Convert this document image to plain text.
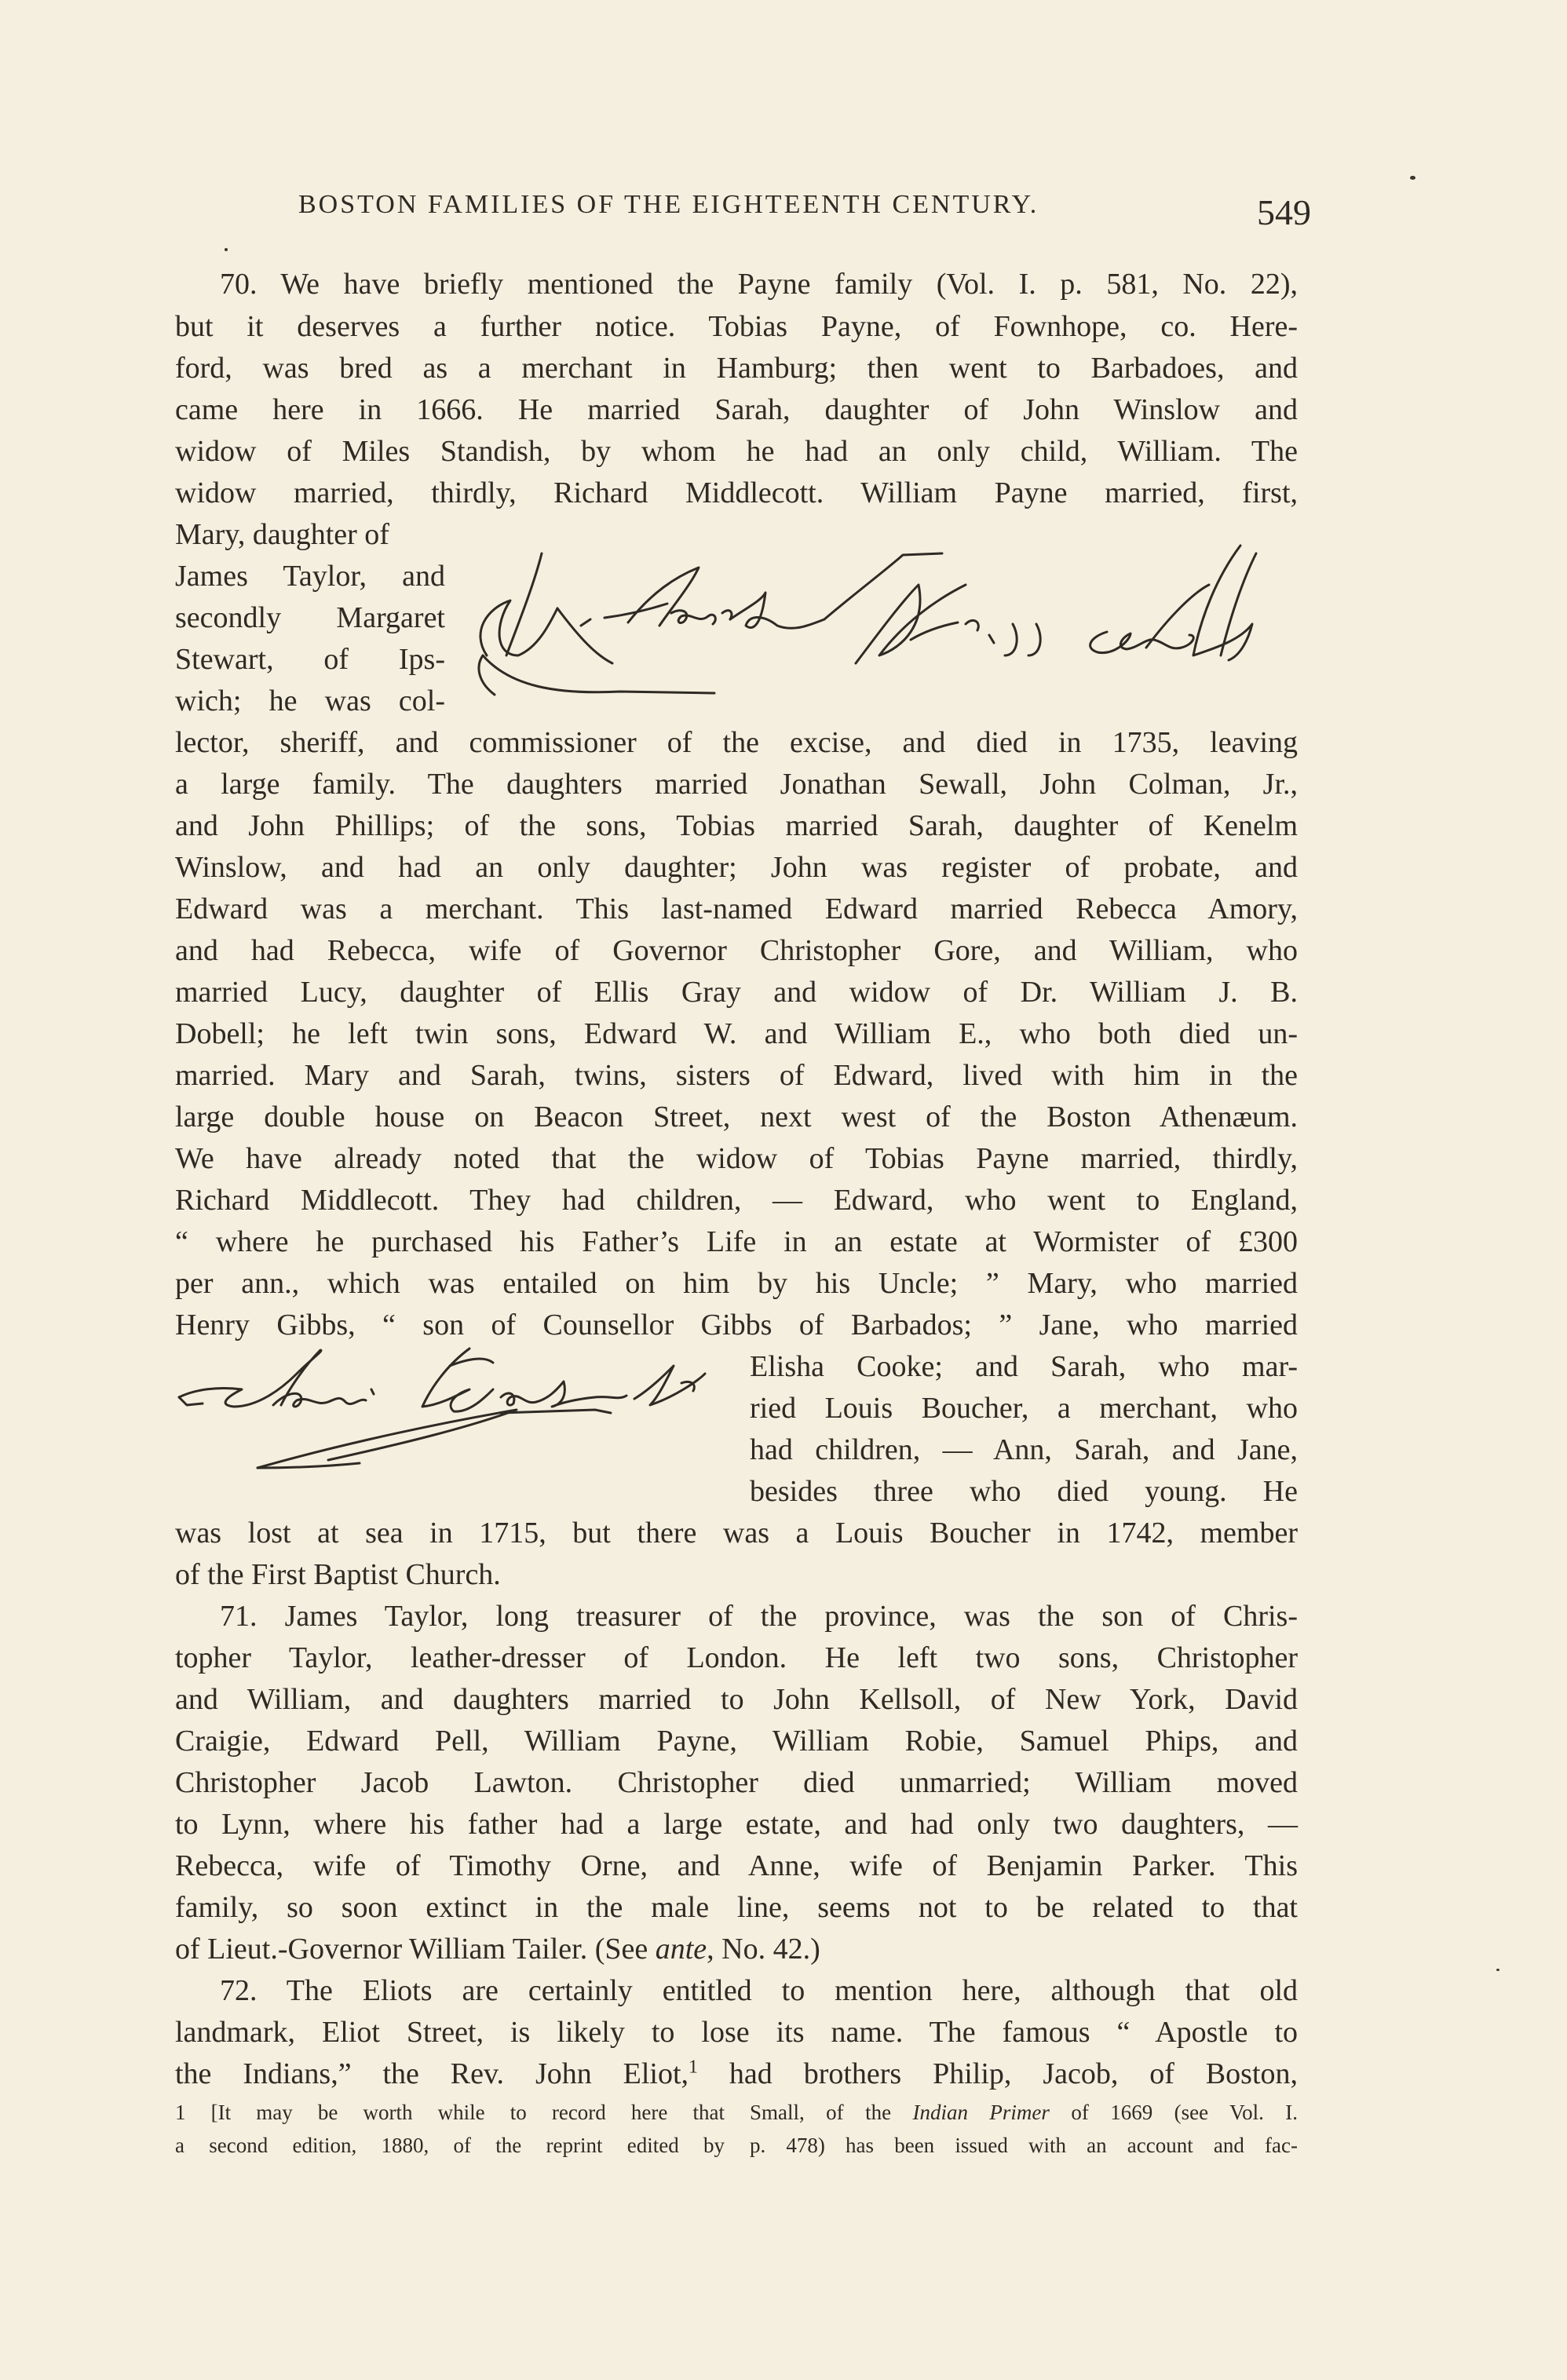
BOSTON FAMILIES OF THE EIGHTEENTH CENTURY.	549
70. We have briefly mentioned the Payne family (Vol. I. p. 581, No. 22),
but it deserves a further notice. Tobias Payne, of Fownhope, co. Here-
ford, was bred as a merchant in Hamburg; then went to Barbadoes, and
came here in 1666. He married Sarah, daughter of John Winslow and
widow of Miles Standish, by whom he had an only child, William. The
widow married, thirdly, Richard Middlecott. William Payne married, first,
Mary, daughter of
James Taylor, and
secondly Margaret
Stewart, of Ips-
wich; he was col-
lector, sheriff, and commissioner of the excise, and died in 1735, leaving
a large family. The daughters married Jonathan Sewall, John Colman, Jr.,
and John Phillips; of the sons, Tobias married Sarah, daughter of Kenelm
Winslow, and had an only daughter; John was register of probate, and
Edward was a merchant. This last-named Edward married Rebecca Amory,
and had Rebecca, wife of Governor Christopher Gore, and William, who
married Lucy, daughter of Ellis Gray and widow of Dr. William J. B.
Dobell; he left twin sons, Edward W. and William E., who both died un-
married. Mary and Sarah, twins, sisters of Edward, lived with him in the
large double house on Beacon Street, next west of the Boston Athenæum.
We have already noted that the widow of Tobias Payne married, thirdly,
Richard Middlecott. They had children, — Edward, who went to England,
“ where he purchased his Father’s Life in an estate at Wormister of £300
per ann., which was entailed on him by his Uncle; ” Mary, who married
Henry Gibbs, “ son of Counsellor Gibbs of Barbados; ” Jane, who married
Elisha Cooke; and Sarah, who mar-
ried Louis Boucher, a merchant, who
had children, — Ann, Sarah, and Jane,
besides three who died young. He
was lost at sea in 1715, but there was a Louis Boucher in 1742, member
of the First Baptist Church.
71. James Taylor, long treasurer of the province, was the son of Chris-
topher Taylor, leather-dresser of London. He left two sons, Christopher
and William, and daughters married to John Kellsoll, of New York, David
Craigie, Edward Pell, William Payne, William Robie, Samuel Phips, and
Christopher Jacob Lawton. Christopher died unmarried; William moved
to Lynn, where his father had a large estate, and had only two daughters, —
Rebecca, wife of Timothy Orne, and Anne, wife of Benjamin Parker. This
family, so soon extinct in the male line, seems not to be related to that
of Lieut.-Governor William Tailer. (See ante, No. 42.)
72. The Eliots are certainly entitled to mention here, although that old
landmark, Eliot Street, is likely to lose its name. The famous “ Apostle to
the Indians,” the Rev. John Eliot,$^1$ had brothers Philip, Jacob, of Boston,
1 [It may be worth while to record here that
a second edition, 1880, of the reprint edited by
Small, of the Indian Primer of 1669 (see Vol. I.
p. 478) has been issued with an account and fac-
